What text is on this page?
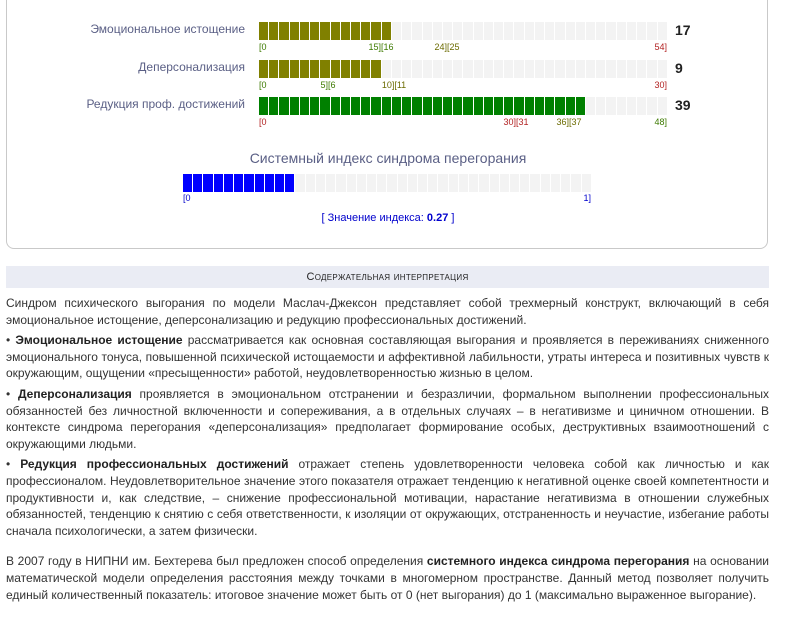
Эмоциональное истощение
[0	15][16	24][25	54]
17
Деперсонализация
[0	5][6	10][11	30]
9
Редукция проф. достижений
[0	30][31	36][37	48]
39
Системный индекс синдрома перегорания
[0	1]
[ Значение индекса: 0.27 ]
Содержательная интерпретация

Синдром психического выгорания по модели Маслач-Джексон представляет собой трехмерный конструкт, включающий в себя эмоциональное истощение, деперсонализацию и редукцию профессиональных достижений.

• Эмоциональное истощение рассматривается как основная составляющая выгорания и проявляется в переживаниях сниженного эмоционального тонуса, повышенной психической истощаемости и аффективной лабильности, утраты интереса и позитивных чувств к окружающим, ощущении «пресыщенности» работой, неудовлетворенностью жизнью в целом.

• Деперсонализация проявляется в эмоциональном отстранении и безразличии, формальном выполнении профессиональных обязанностей без личностной включенности и сопереживания, а в отдельных случаях – в негативизме и циничном отношении. В контексте синдрома перегорания «деперсонализация» предполагает формирование особых, деструктивных взаимоотношений с окружающими людьми.

• Редукция профессиональных достижений отражает степень удовлетворенности человека собой как личностью и как профессионалом. Неудовлетворительное значение этого показателя отражает тенденцию к негативной оценке своей компетентности и продуктивности и, как следствие, – снижение профессиональной мотивации, нарастание негативизма в отношении служебных обязанностей, тенденцию к снятию с себя ответственности, к изоляции от окружающих, отстраненность и неучастие, избегание работы сначала психологически, а затем физически.

В 2007 году в НИПНИ им. Бехтерева был предложен способ определения системного индекса синдрома перегорания на основании математической модели определения расстояния между точками в многомерном пространстве. Данный метод позволяет получить единый количественный показатель: итоговое значение может быть от 0 (нет выгорания) до 1 (максимально выраженное выгорание).
